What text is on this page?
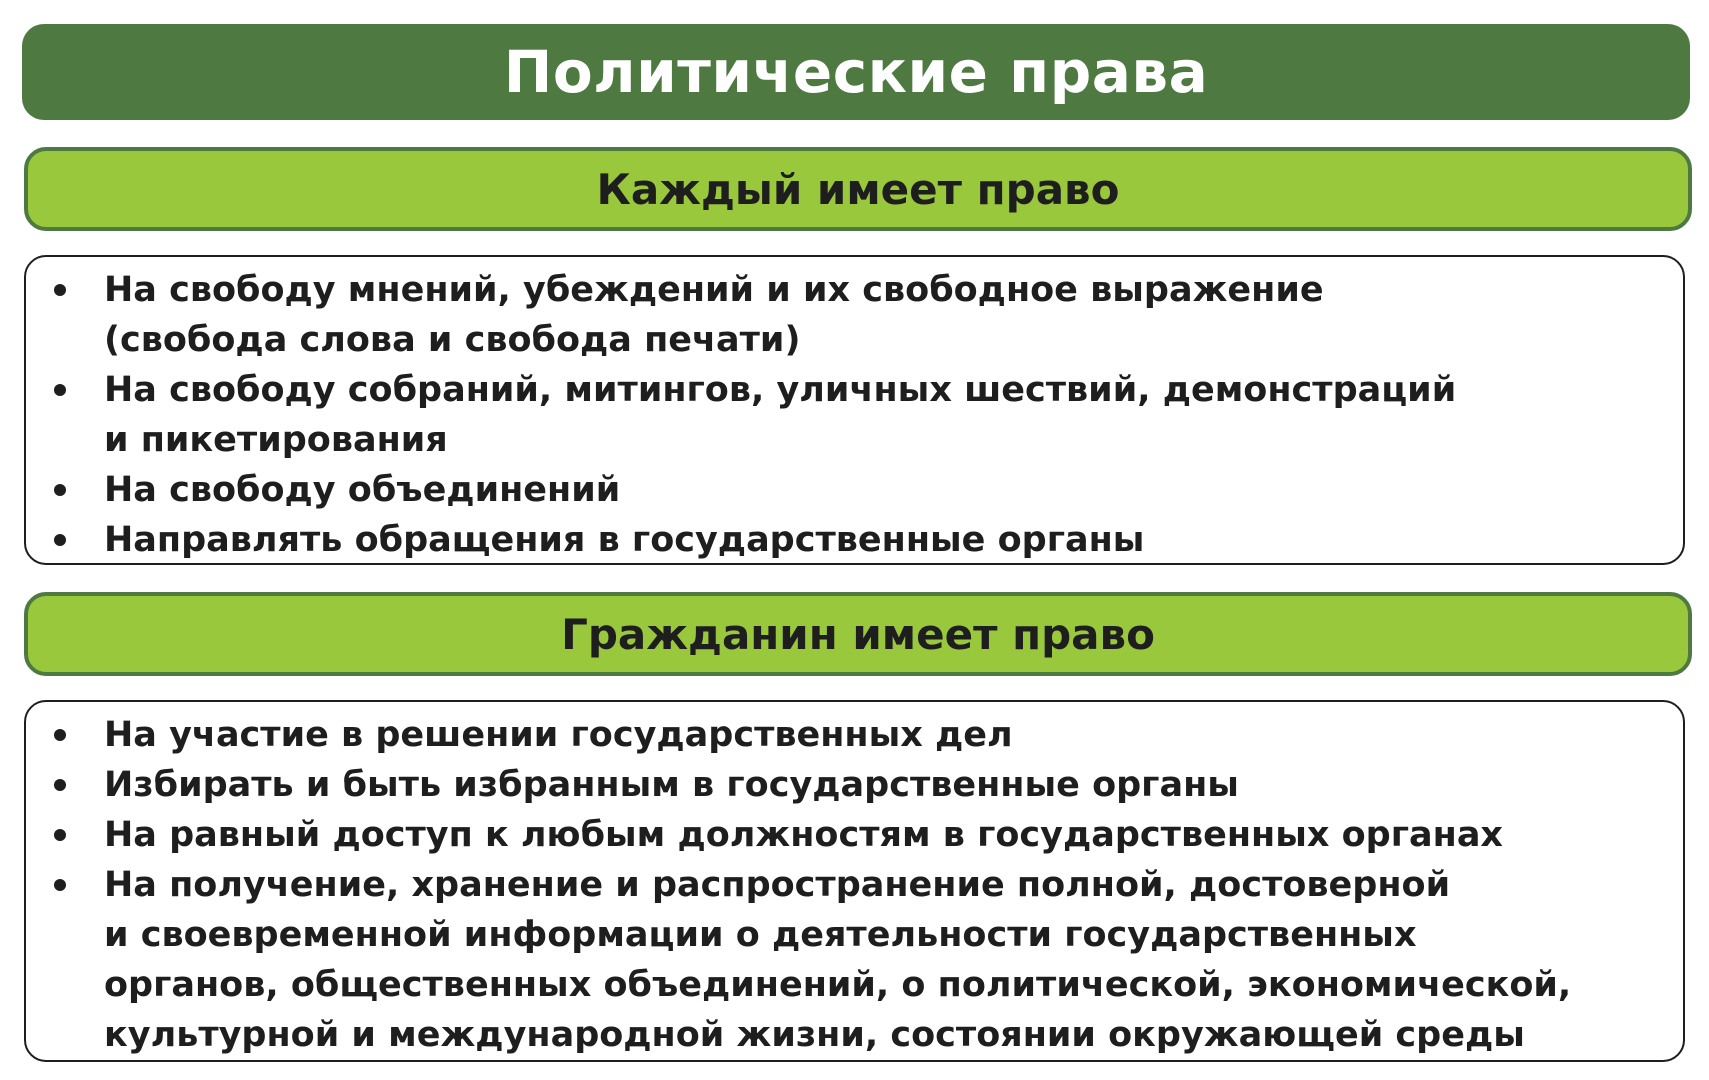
Политические права
Каждый имеет право
На свободу мнений, убеждений и их свободное выражение
(свобода слова и свобода печати)
На свободу собраний, митингов, уличных шествий, демонстраций
и пикетирования
На свободу объединений
Направлять обращения в государственные органы
Гражданин имеет право
На участие в решении государственных дел
Избирать и быть избранным в государственные органы
На равный доступ к любым должностям в государственных органах
На получение, хранение и распространение полной, достоверной
и своевременной информации о деятельности государственных
органов, общественных объединений, о политической, экономической,
культурной и международной жизни, состоянии окружающей среды
